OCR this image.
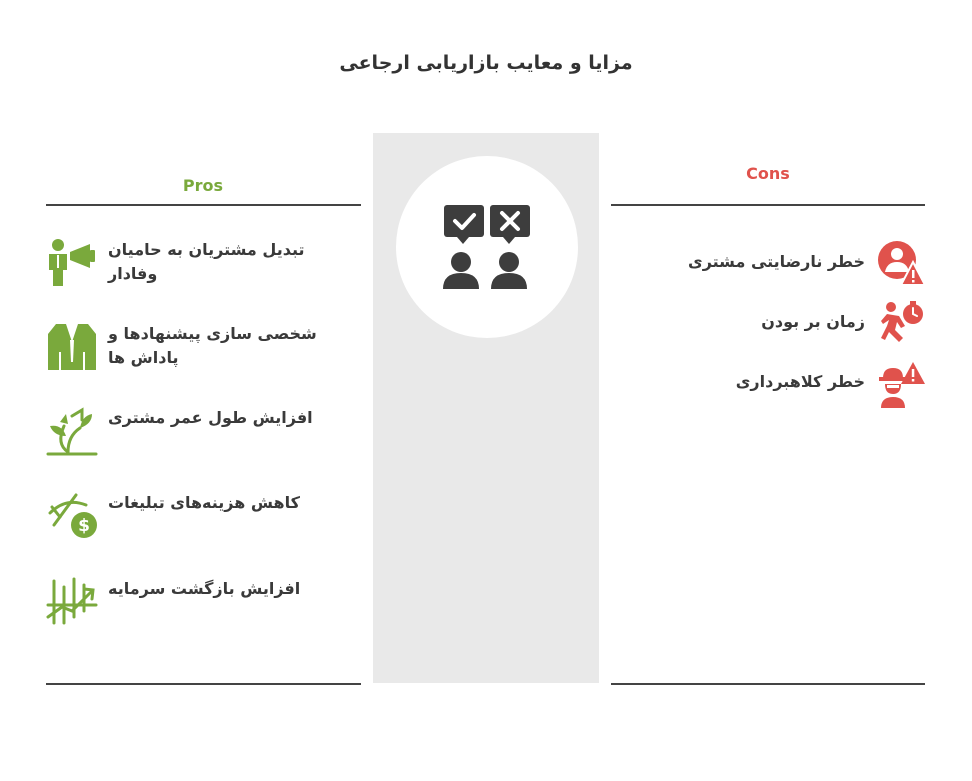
مزایا و معایب بازاریابی ارجاعی
Pros
تبدیل مشتریان به حامیان وفادار
شخصی سازی پیشنهادها و پاداش ها
افزایش طول عمر مشتری
$
کاهش هزینه‌های تبلیغات
افزایش بازگشت سرمایه
Cons
خطر نارضایتی مشتری
زمان بر بودن
خطر کلاهبرداری
